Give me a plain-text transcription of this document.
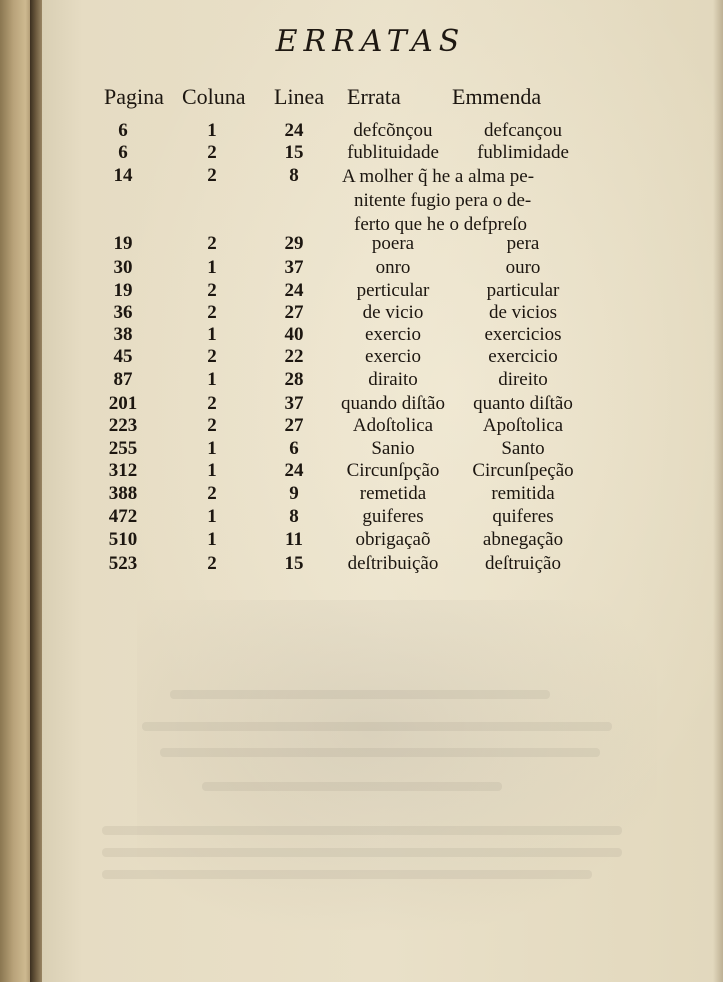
ERRATAS
Pagina Coluna Linea Errata Emmenda
6	1	24	defcõnçou	defcançou
6	2	15	fublituidade	fublimidade
14	2	8	A molher q̃ he a alma pe-
nitente fugio pera o de-
ferto que he o defpreſo
19	2	29	poera	pera
30	1	37	onro	ouro
19	2	24	perticular	particular
36	2	27	de vicio	de vicios
38	1	40	exercio	exercicios
45	2	22	exercio	exercicio
87	1	28	diraito	direito
201	2	37	quando diſtão	quanto diſtão
223	2	27	Adoſtolica	Apoſtolica
255	1	6	Sanio	Santo
312	1	24	Circunſpção	Circunſpeção
388	2	9	remetida	remitida
472	1	8	guiferes	quiferes
510	1	11	obrigaçaõ	abnegação
523	2	15	deſtribuição	deſtruição
